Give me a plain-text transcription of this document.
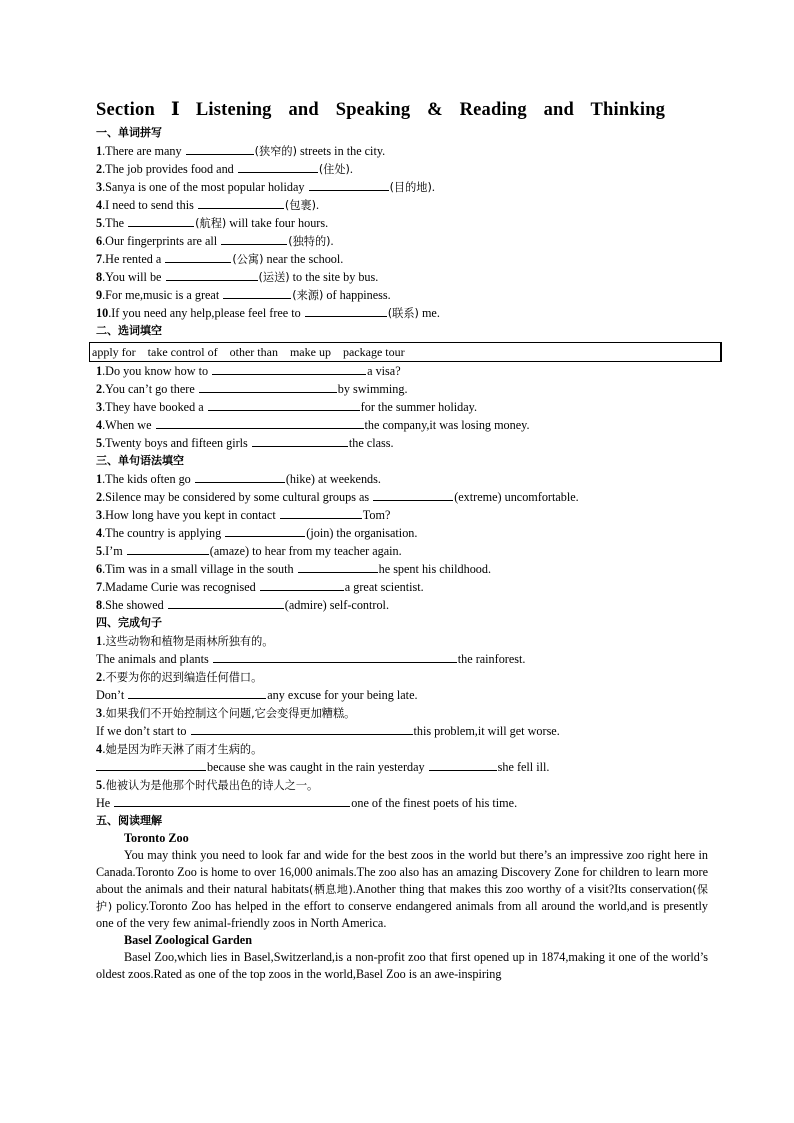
Section Ⅰ Listening and Speaking & Reading and Thinking
一、单词拼写
1.There are many	(狭窄的) streets in the city.
2.The job provides food and	(住处).
3.Sanya is one of the most popular holiday	(目的地).
4.I need to send this	(包裹).
5.The	(航程) will take four hours.
6.Our fingerprints are all	(独特的).
7.He rented a	(公寓) near the school.
8.You will be	(运送) to the site by bus.
9.For me,music is a great	(来源) of happiness.
10.If you need any help,please feel free to	(联系) me.
二、选词填空
apply for take control of other than make up package tour
1.Do you know how to	a visa?
2.You can’t go there	by swimming.
3.They have booked a	for the summer holiday.
4.When we	the company,it was losing money.
5.Twenty boys and fifteen girls	the class.
三、单句语法填空
1.The kids often go	(hike) at weekends.
2.Silence may be considered by some cultural groups as	(extreme) uncomfortable.
3.How long have you kept in contact	Tom?
4.The country is applying	(join) the organisation.
5.I’m	(amaze) to hear from my teacher again.
6.Tim was in a small village in the south	he spent his childhood.
7.Madame Curie was recognised	a great scientist.
8.She showed	(admire) self-control.
四、完成句子
1.这些动物和植物是雨林所独有的。
The animals and plants	the rainforest.
2.不要为你的迟到编造任何借口。
Don’t	any excuse for your being late.
3.如果我们不开始控制这个问题,它会变得更加糟糕。
If we don’t start to	this problem,it will get worse.
4.她是因为昨天淋了雨才生病的。
because she was caught in the rain yesterday	she fell ill.
5.他被认为是他那个时代最出色的诗人之一。
He	one of the finest poets of his time.
五、阅读理解
Toronto Zoo

You may think you need to look far and wide for the best zoos in the world but there’s an impressive zoo right here in Canada.Toronto Zoo is home to over 16,000 animals.The zoo also has an amazing Discovery Zone for children to learn more about the animals and their natural habitats(栖息地).Another thing that makes this zoo worthy of a visit?Its conservation(保护) policy.Toronto Zoo has helped in the effort to conserve endangered animals from all around the world,and is presently one of the very few animal-friendly zoos in North America.

Basel Zoological Garden

Basel Zoo,which lies in Basel,Switzerland,is a non-profit zoo that first opened up in 1874,making it one of the world’s oldest zoos.Rated as one of the top zoos in the world,Basel Zoo is an awe-inspiring
